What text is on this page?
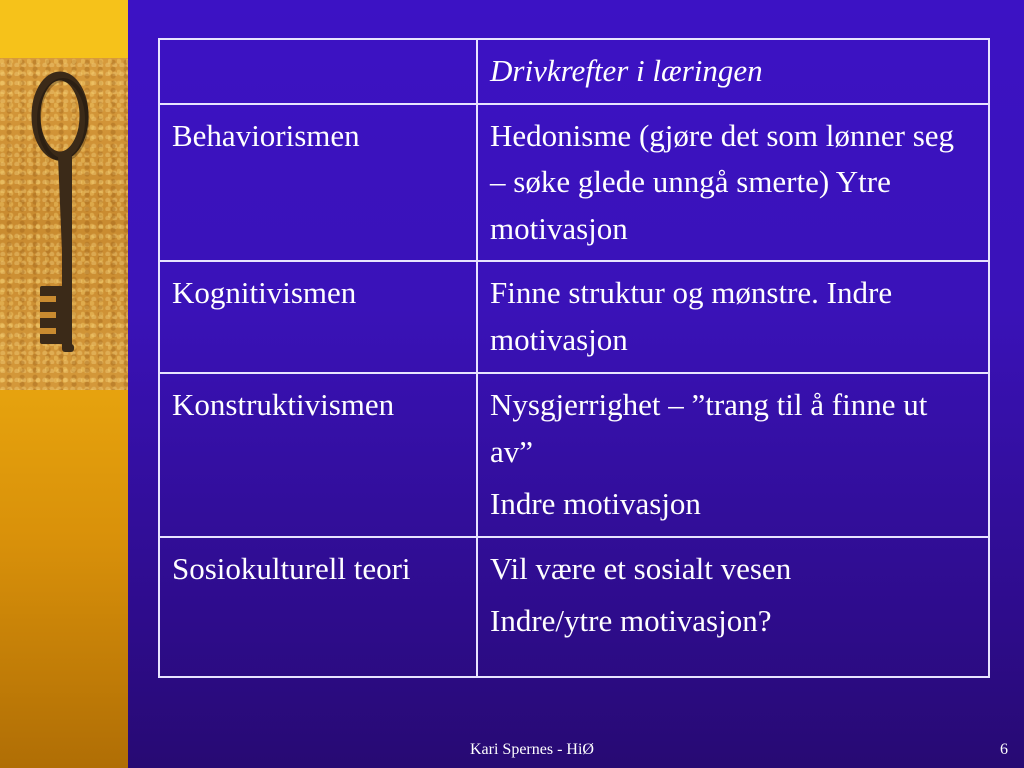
	Drivkrefter i læringen
Behaviorismen	Hedonisme (gjøre det som lønner seg – søke glede unngå smerte) Ytre motivasjon

Kognitivismen	Finne struktur og mønstre. Indre motivasjon

Konstruktivismen	Nysgjerrighet – ”trang til å finne ut av”
Indre motivasjon

Sosiokulturell teori	Vil være et sosialt vesen
Indre/ytre motivasjon?
Kari Spernes - HiØ	6
